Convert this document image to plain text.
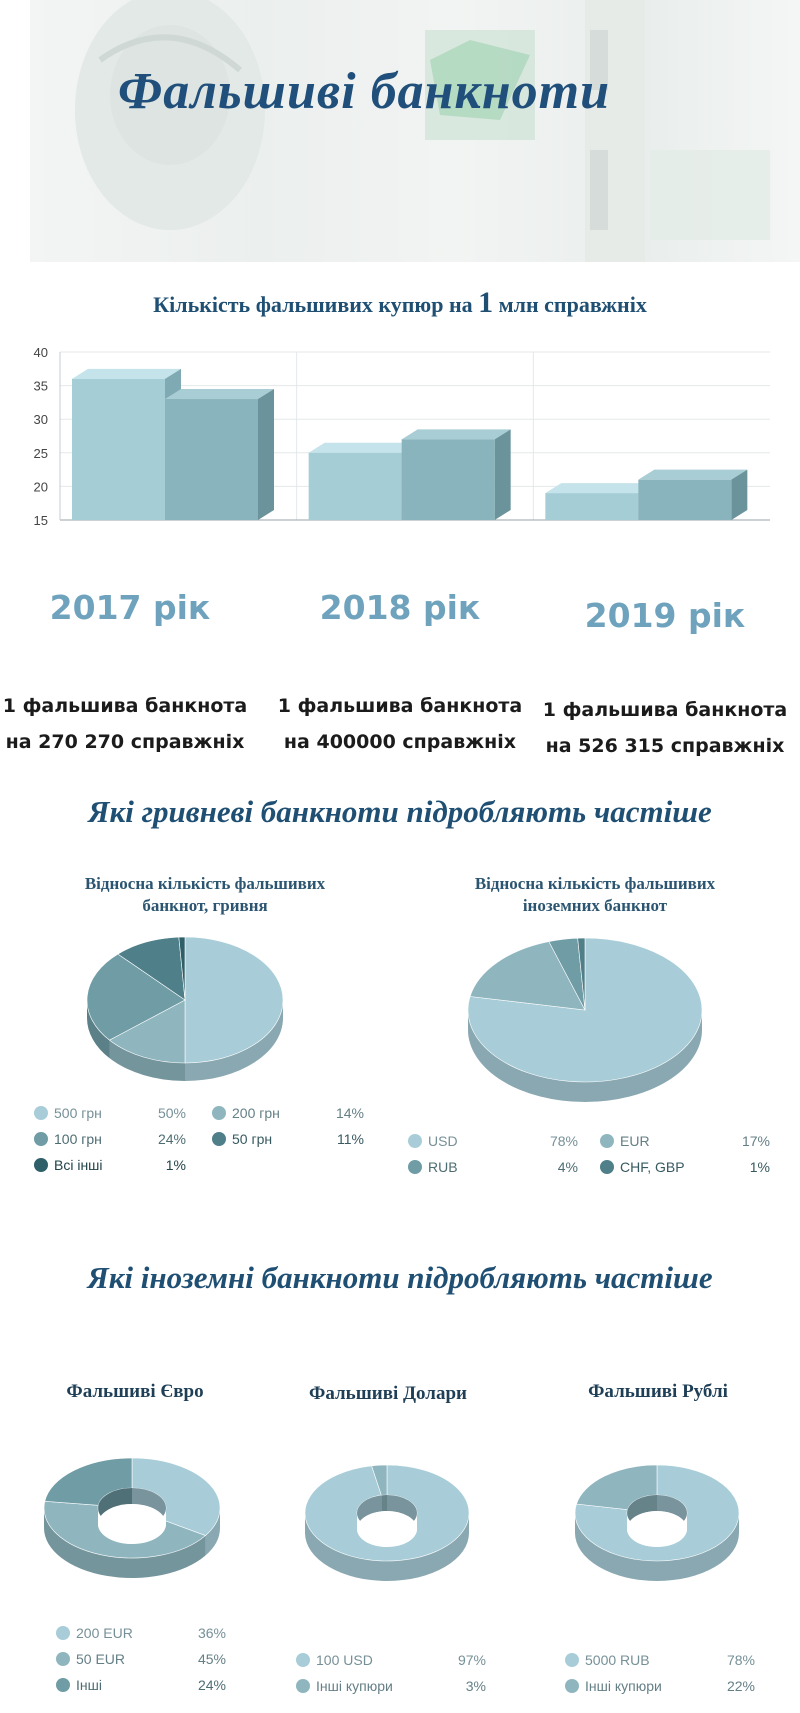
Фальшиві банкноти
Кількість фальшивих купюр на 1 млн справжніх
15
20
25
30
35
40
2017 рік	2018 рік	2019 рік
1 фальшива банкнота
на 270 270 справжніх
1 фальшива банкнота
на 400000 справжніх
1 фальшива банкнота
на 526 315 справжніх
Які гривневі банкноти підробляють частіше
Відносна кількість фальшивих
банкнот, гривня
Відносна кількість фальшивих
іноземних банкнот
500 грн	50%	200 грн	14%
100 грн	24%	50 грн	11%
Всі інші	1%
USD	78%	EUR	17%
RUB	4%	CHF, GBP	1%
Які іноземні банкноти підробляють частіше
Фальшиві Євро	Фальшиві Долари	Фальшиві Рублі
200 EUR	36%
50 EUR	45%
Інші	24%
100 USD	97%
Інші купюри	3%
5000 RUB	78%
Інші купюри	22%
